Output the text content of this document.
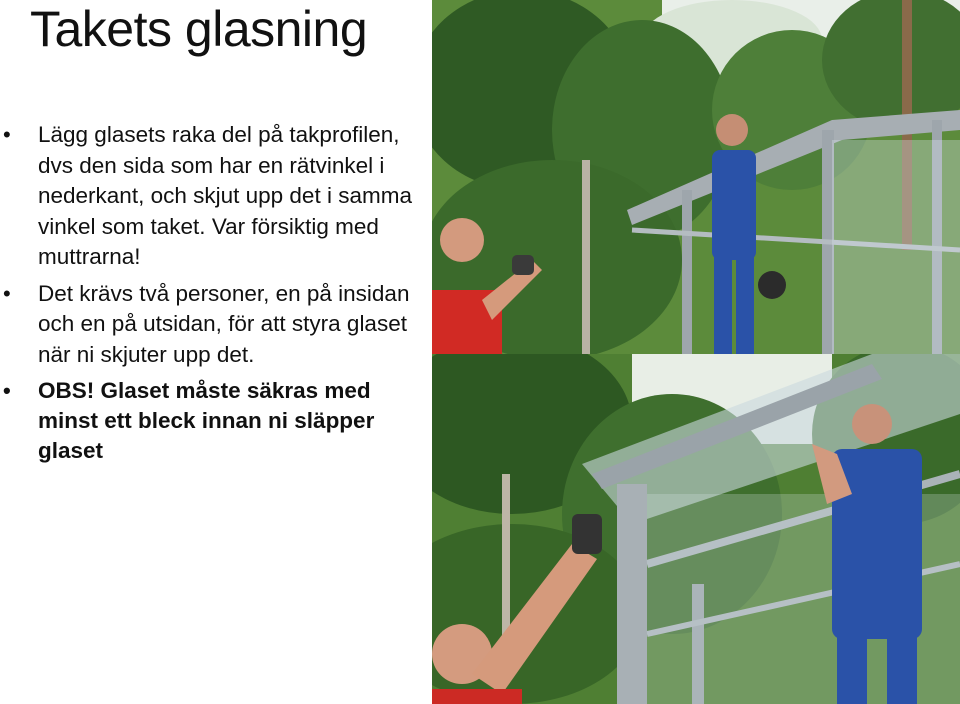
Takets glasning
• Lägg glasets raka del på takprofilen, dvs den sida som har en rätvinkel i nederkant, och skjut upp det i samma vinkel som taket. Var försiktig med muttrarna!
• Det krävs två personer, en på insidan och en på utsidan, för att styra glaset när ni skjuter upp det.
• OBS! Glaset måste säkras med minst ett bleck innan ni släpper glaset
